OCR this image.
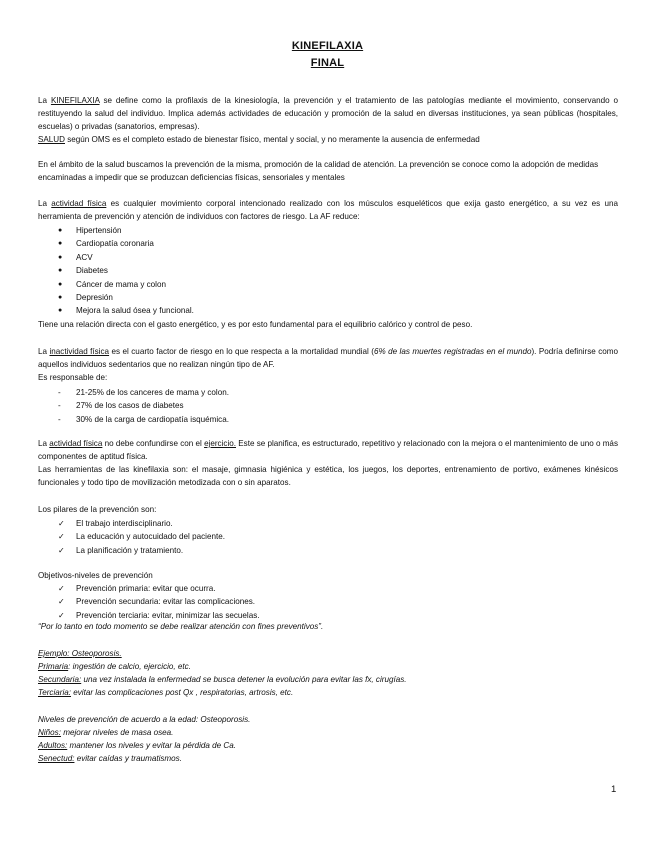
KINEFILAXIA
FINAL
La KINEFILAXIA se define como la profilaxis de la kinesiología, la prevención y el tratamiento de las patologías mediante el movimiento, conservando o restituyendo la salud del individuo. Implica además actividades de educación y promoción de la salud en diversas instituciones, ya sean públicas (hospitales, escuelas) o privadas (sanatorios, empresas).
SALUD según OMS es el completo estado de bienestar físico, mental y social, y no meramente la ausencia de enfermedad
En el ámbito de la salud buscamos la prevención de la misma, promoción de la calidad de atención. La prevención se conoce como la adopción de medidas encaminadas a impedir que se produzcan deficiencias físicas, sensoriales y mentales
La actividad física es cualquier movimiento corporal intencionado realizado con los músculos esqueléticos que exija gasto energético, a su vez es una herramienta de prevención y atención de individuos con factores de riesgo. La AF reduce:
● Hipertensión
● Cardiopatía coronaria
● ACV
● Diabetes
● Cáncer de mama y colon
● Depresión
● Mejora la salud ósea y funcional.
Tiene una relación directa con el gasto energético, y es por esto fundamental para el equilibrio calórico y control de peso.
La inactividad física es el cuarto factor de riesgo en lo que respecta a la mortalidad mundial (6% de las muertes registradas en el mundo). Podría definirse como aquellos individuos sedentarios que no realizan ningún tipo de AF.
Es responsable de:
- 21-25% de los canceres de mama y colon.
- 27% de los casos de diabetes
- 30% de la carga de cardiopatía isquémica.
La actividad física no debe confundirse con el ejercicio. Este se planifica, es estructurado, repetitivo y relacionado con la mejora o el mantenimiento de uno o más componentes de aptitud física.
Las herramientas de las kinefilaxia son: el masaje, gimnasia higiénica y estética, los juegos, los deportes, entrenamiento de portivo, exámenes kinésicos funcionales y todo tipo de movilización metodizada con o sin aparatos.
Los pilares de la prevención son:
✓ El trabajo interdisciplinario.
✓ La educación y autocuidado del paciente.
✓ La planificación y tratamiento.
Objetivos-niveles de prevención
✓ Prevención primaria: evitar que ocurra.
✓ Prevención secundaria: evitar las complicaciones.
✓ Prevención terciaria: evitar, minimizar las secuelas.
“Por lo tanto en todo momento se debe realizar atención con fines preventivos”.
Ejemplo: Osteoporosis.
Primaria: ingestión de calcio, ejercicio, etc.
Secundaria: una vez instalada la enfermedad se busca detener la evolución para evitar las fx, cirugías.
Terciaria: evitar las complicaciones post Qx , respiratorias, artrosis, etc.
Niveles de prevención de acuerdo a la edad: Osteoporosis.
Niños: mejorar niveles de masa osea.
Adultos: mantener los niveles y evitar la pérdida de Ca.
Senectud: evitar caídas y traumatismos.
1
